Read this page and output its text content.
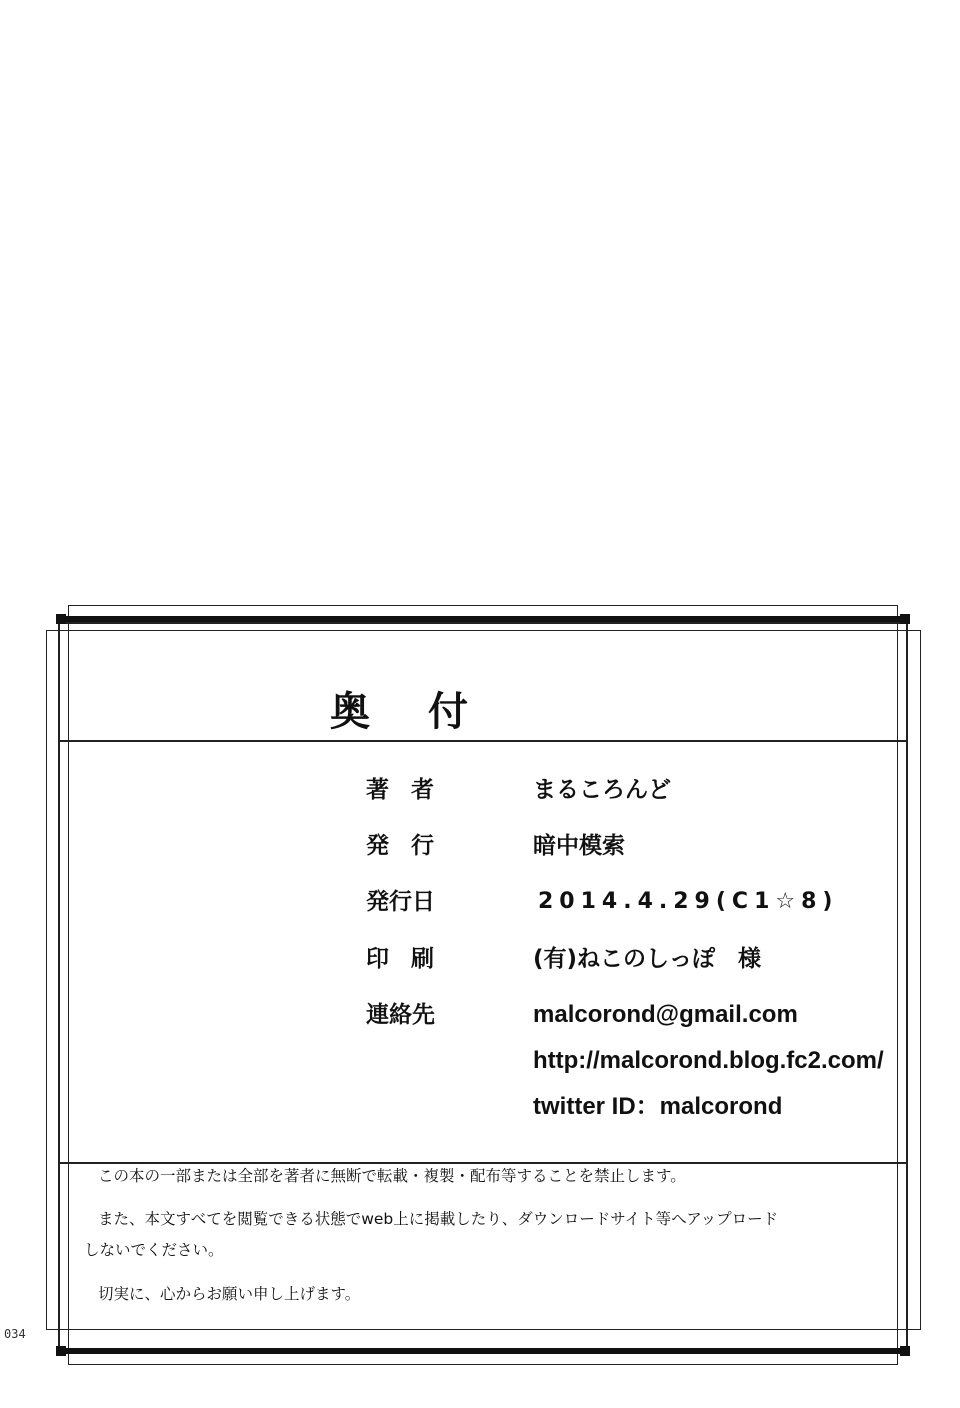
奥付
著者	まるころんど
発行	暗中模索
発行日	2014.4.29(C1☆8)
印刷	(有)ねこのしっぽ　様
連絡先	malcorond@gmail.com
http://malcorond.blog.fc2.com/
twitter ID：malcorond
この本の一部または全部を著者に無断で転載・複製・配布等することを禁止します。
また、本文すべてを閲覧できる状態でweb上に掲載したり、ダウンロードサイト等へアップロード
しないでください。
切実に、心からお願い申し上げます。
034
